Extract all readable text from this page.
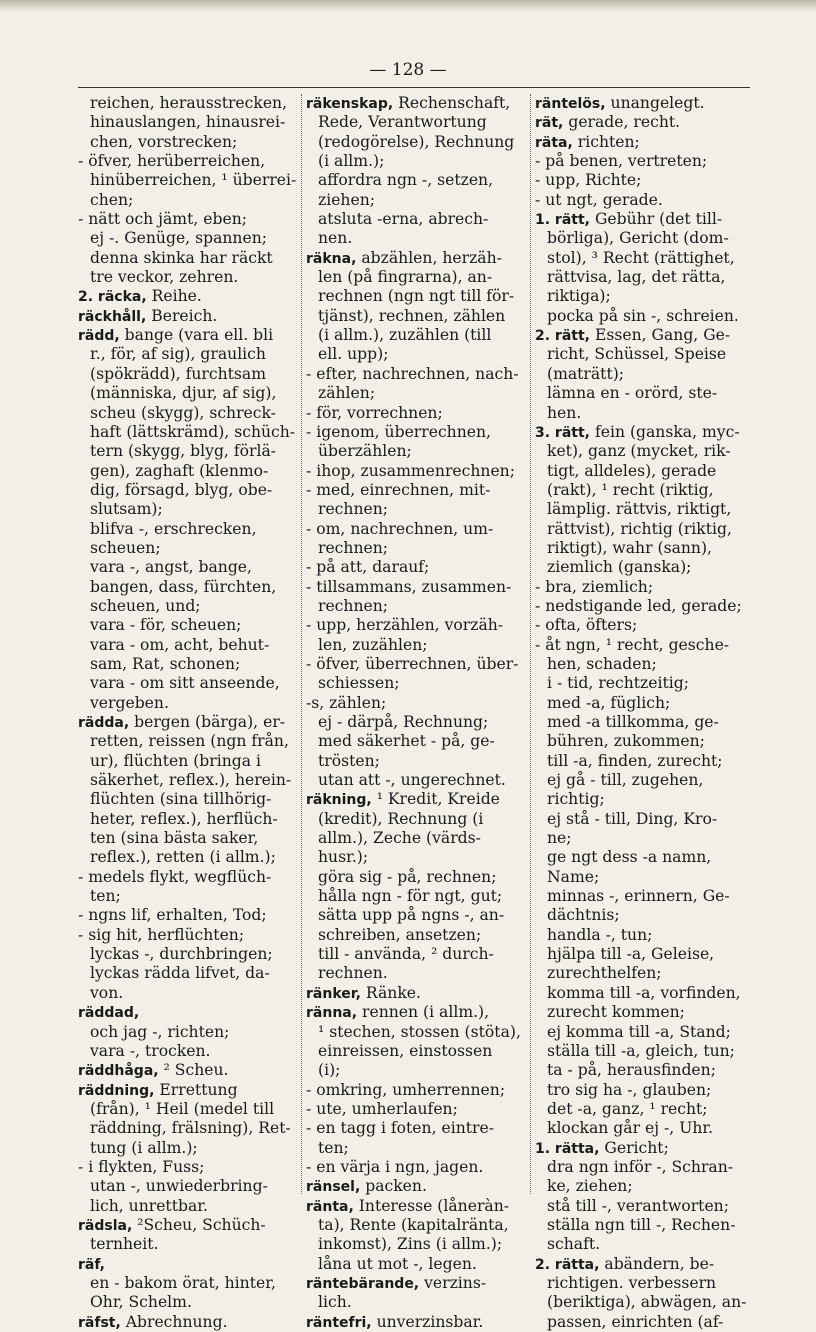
— 128 —
reichen, herausstrecken,
hinauslangen, hinausrei-
chen, vorstrecken;
- öfver, herüberreichen,
hinüberreichen, ¹ überrei-
chen;
- nätt och jämt, eben;
ej -. Genüge, spannen;
denna skinka har räckt
tre veckor, zehren.
2. räcka, Reihe.
räckhåll, Bereich.
rädd, bange (vara ell. bli
r., för, af sig), graulich
(spökrädd), furchtsam
(människa, djur, af sig),
scheu (skygg), schreck-
haft (lättskrämd), schüch-
tern (skygg, blyg, förlä-
gen), zaghaft (klenmo-
dig, försagd, blyg, obe-
slutsam);
blifva -, erschrecken,
scheuen;
vara -, angst, bange,
bangen, dass, fürchten,
scheuen, und;
vara - för, scheuen;
vara - om, acht, behut-
sam, Rat, schonen;
vara - om sitt anseende,
vergeben.
rädda, bergen (bärga), er-
retten, reissen (ngn från,
ur), flüchten (bringa i
säkerhet, reflex.), herein-
flüchten (sina tillhörig-
heter, reflex.), herflüch-
ten (sina bästa saker,
reflex.), retten (i allm.);
- medels flykt, wegflüch-
ten;
- ngns lif, erhalten, Tod;
- sig hit, herflüchten;
lyckas -, durchbringen;
lyckas rädda lifvet, da-
von.
räddad,
och jag -, richten;
vara -, trocken.
räddhåga, ² Scheu.
räddning, Errettung
(från), ¹ Heil (medel till
räddning, frälsning), Ret-
tung (i allm.);
- i flykten, Fuss;
utan -, unwiederbring-
lich, unrettbar.
rädsla, ²Scheu, Schüch-
ternheit.
räf,
en - bakom örat, hinter,
Ohr, Schelm.
räfst, Abrechnung.
räkenskap, Rechenschaft,
Rede, Verantwortung
(redogörelse), Rechnung
(i allm.);
affordra ngn -, setzen,
ziehen;
atsluta -erna, abrech-
nen.
räkna, abzählen, herzäh-
len (på fingrarna), an-
rechnen (ngn ngt till för-
tjänst), rechnen, zählen
(i allm.), zuzählen (till
ell. upp);
- efter, nachrechnen, nach-
zählen;
- för, vorrechnen;
- igenom, überrechnen,
überzählen;
- ihop, zusammenrechnen;
- med, einrechnen, mit-
rechnen;
- om, nachrechnen, um-
rechnen;
- på att, darauf;
- tillsammans, zusammen-
rechnen;
- upp, herzählen, vorzäh-
len, zuzählen;
- öfver, überrechnen, über-
schiessen;
-s, zählen;
ej - därpå, Rechnung;
med säkerhet - på, ge-
trösten;
utan att -, ungerechnet.
räkning, ¹ Kredit, Kreide
(kredit), Rechnung (i
allm.), Zeche (värds-
husr.);
göra sig - på, rechnen;
hålla ngn - för ngt, gut;
sätta upp på ngns -, an-
schreiben, ansetzen;
till - använda, ² durch-
rechnen.
ränker, Ränke.
ränna, rennen (i allm.),
¹ stechen, stossen (stöta),
einreissen, einstossen
(i);
- omkring, umherrennen;
- ute, umherlaufen;
- en tagg i foten, eintre-
ten;
- en värja i ngn, jagen.
ränsel, packen.
ränta, Interesse (låneràn-
ta), Rente (kapitalränta,
inkomst), Zins (i allm.);
låna ut mot -, legen.
räntebärande, verzins-
lich.
räntefri, unverzinsbar.
räntelös, unangelegt.
rät, gerade, recht.
räta, richten;
- på benen, vertreten;
- upp, Richte;
- ut ngt, gerade.
1. rätt, Gebühr (det till-
börliga), Gericht (dom-
stol), ³ Recht (rättighet,
rättvisa, lag, det rätta,
riktiga);
pocka på sin -, schreien.
2. rätt, Essen, Gang, Ge-
richt, Schüssel, Speise
(maträtt);
lämna en - orörd, ste-
hen.
3. rätt, fein (ganska, myc-
ket), ganz (mycket, rik-
tigt, alldeles), gerade
(rakt), ¹ recht (riktig,
lämplig. rättvis, riktigt,
rättvist), richtig (riktig,
riktigt), wahr (sann),
ziemlich (ganska);
- bra, ziemlich;
- nedstigande led, gerade;
- ofta, öfters;
- åt ngn, ¹ recht, gesche-
hen, schaden;
i - tid, rechtzeitig;
med -a, füglich;
med -a tillkomma, ge-
bühren, zukommen;
till -a, finden, zurecht;
ej gå - till, zugehen,
richtig;
ej stå - till, Ding, Kro-
ne;
ge ngt dess -a namn,
Name;
minnas -, erinnern, Ge-
dächtnis;
handla -, tun;
hjälpa till -a, Geleise,
zurechthelfen;
komma till -a, vorfinden,
zurecht kommen;
ej komma till -a, Stand;
ställa till -a, gleich, tun;
ta - på, herausfinden;
tro sig ha -, glauben;
det -a, ganz, ¹ recht;
klockan går ej -, Uhr.
1. rätta, Gericht;
dra ngn inför -, Schran-
ke, ziehen;
stå till -, verantworten;
ställa ngn till -, Rechen-
schaft.
2. rätta, abändern, be-
richtigen. verbessern
(beriktiga), abwägen, an-
passen, einrichten (af-
